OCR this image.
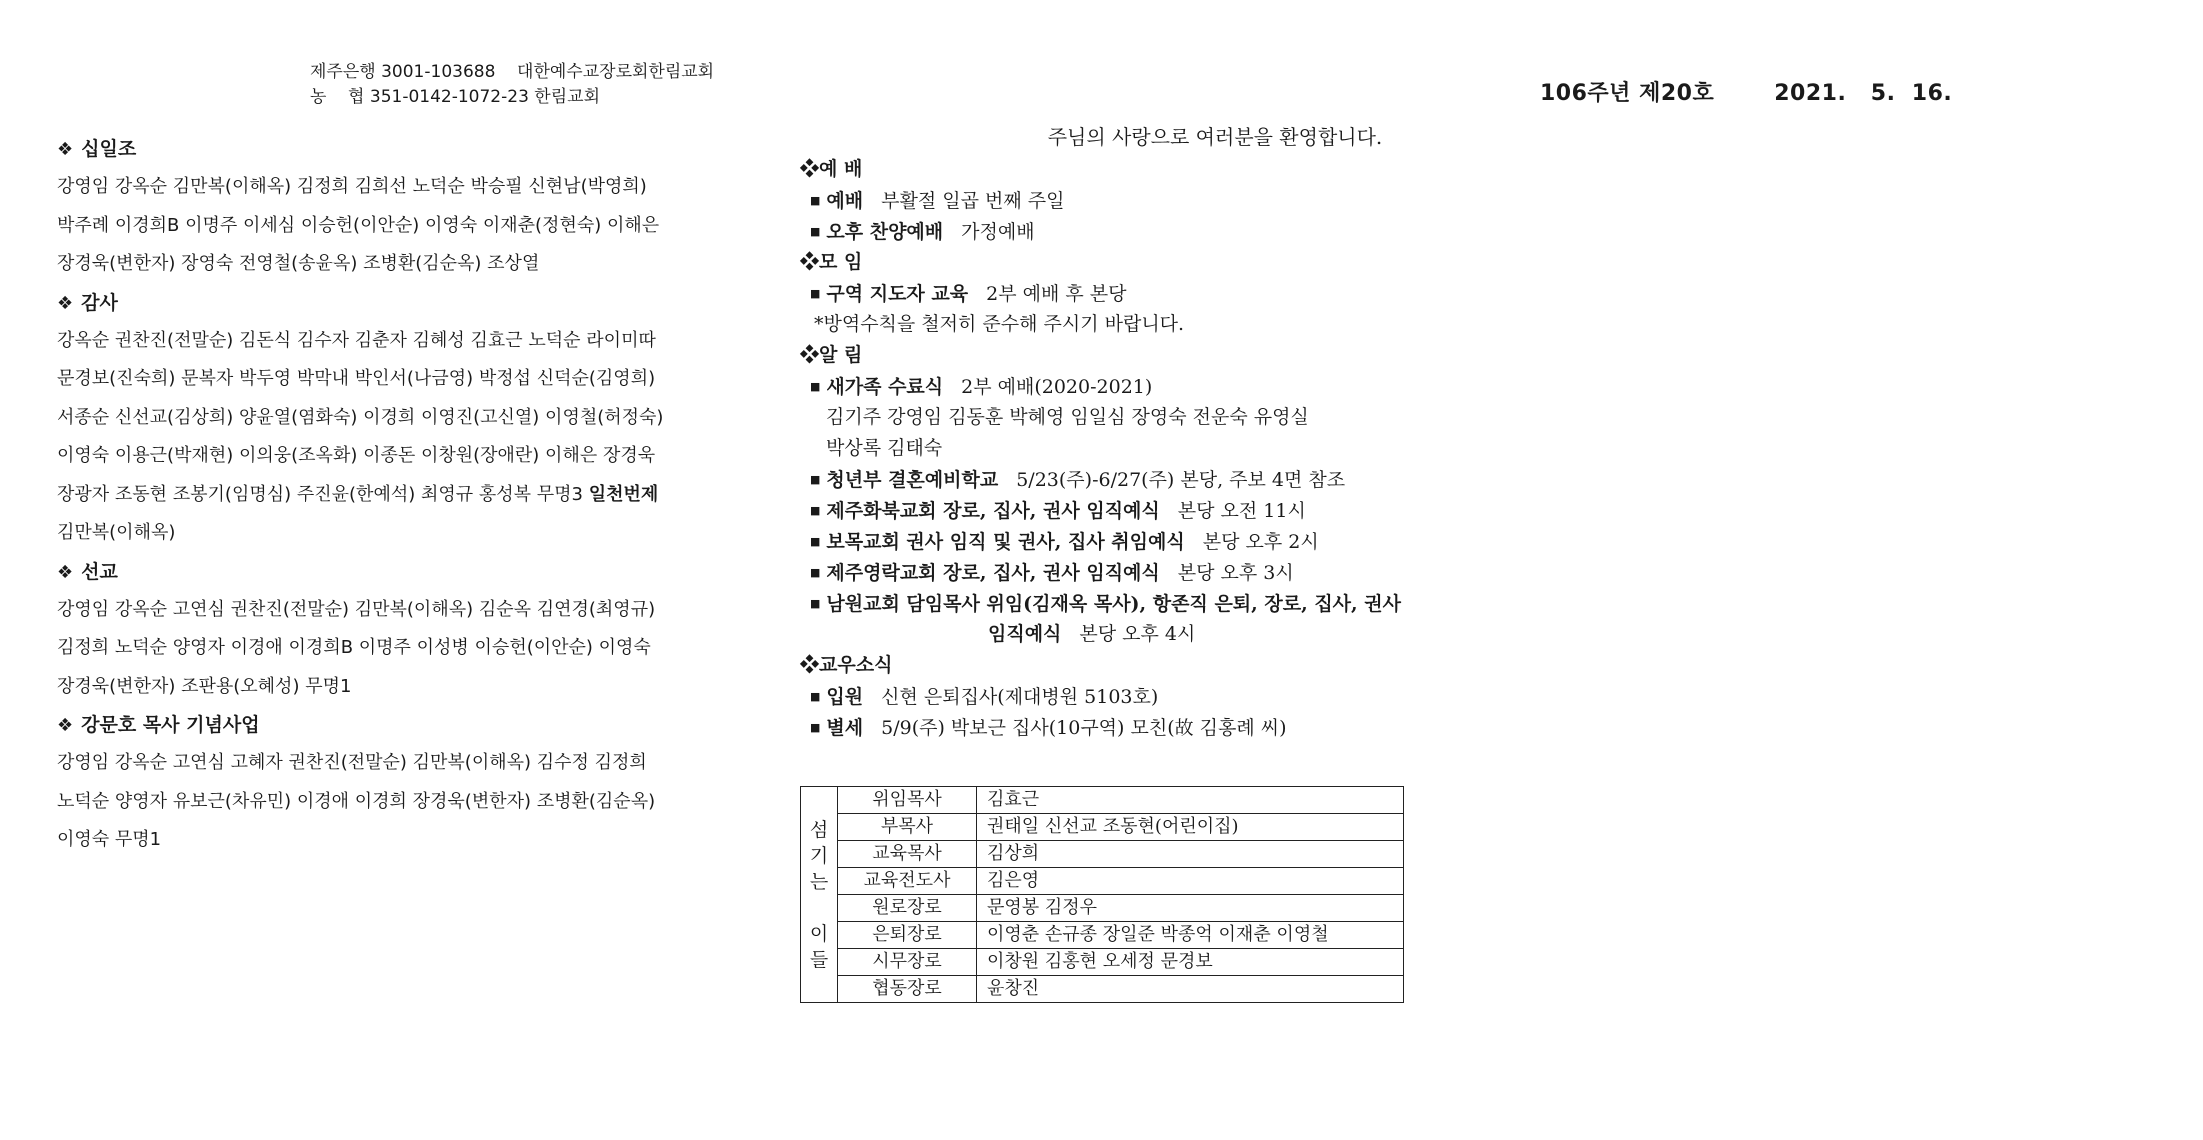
제주은행 3001-103688 대한예수교장로회한림교회
농    협 351-0142-1072-23 한림교회	106주년 제20호	2021.   5.  16.
❖ 십일조

강영임 강옥순 김만복(이해옥) 김정희 김희선 노덕순 박승필 신현남(박영희)

박주례 이경희B 이명주 이세심 이승헌(이안순) 이영숙 이재춘(정현숙) 이해은

장경욱(변한자) 장영숙 전영철(송윤옥) 조병환(김순옥) 조상열

❖ 감사

강옥순 권찬진(전말순) 김돈식 김수자 김춘자 김혜성 김효근 노덕순 라이미따

문경보(진숙희) 문복자 박두영 박막내 박인서(나금영) 박정섭 신덕순(김영희)

서종순 신선교(김상희) 양윤열(염화숙) 이경희 이영진(고신열) 이영철(허정숙)

이영숙 이용근(박재현) 이의웅(조옥화) 이종돈 이창원(장애란) 이해은 장경욱

장광자 조동현 조봉기(임명심) 주진윤(한예석) 최영규 홍성복 무명3 일천번제

김만복(이해옥)

❖ 선교

강영임 강옥순 고연심 권찬진(전말순) 김만복(이해옥) 김순옥 김연경(최영규)

김정희 노덕순 양영자 이경애 이경희B 이명주 이성병 이승헌(이안순) 이영숙

장경욱(변한자) 조판용(오혜성) 무명1

❖ 강문호 목사 기념사업

강영임 강옥순 고연심 고혜자 권찬진(전말순) 김만복(이해옥) 김수정 김정희

노덕순 양영자 유보근(차유민) 이경애 이경희 장경욱(변한자) 조병환(김순옥)

이영숙 무명1

주님의 사랑으로 여러분을 환영합니다.
❖예 배
■ 예배 부활절 일곱 번째 주일
■ 오후 찬양예배 가정예배
❖모 임
■ 구역 지도자 교육 2부 예배 후 본당
*방역수칙을 철저히 준수해 주시기 바랍니다.
❖알 림
■ 새가족 수료식 2부 예배(2020-2021)
김기주 강영임 김동훈 박혜영 임일심 장영숙 전운숙 유영실
박상록 김태숙
■ 청년부 결혼예비학교 5/23(주)-6/27(주) 본당, 주보 4면 참조
■ 제주화북교회 장로, 집사, 권사 임직예식 본당 오전 11시
■ 보목교회 권사 임직 및 권사, 집사 취임예식 본당 오후 2시
■ 제주영락교회 장로, 집사, 권사 임직예식 본당 오후 3시
■ 남원교회 담임목사 위임(김재옥 목사), 항존직 은퇴, 장로, 집사, 권사
임직예식 본당 오후 4시
❖교우소식
■ 입원 신현 은퇴집사(제대병원 5103호)
■ 별세 5/9(주) 박보근 집사(10구역) 모친(故 김홍례 씨)
섬
기
는

이
들	위임목사	김효근
	부목사	권태일 신선교 조동현(어린이집)
	교육목사	김상희
	교육전도사	김은영
	원로장로	문영봉 김정우
	은퇴장로	이영춘 손규종 장일준 박종억 이재춘 이영철
	시무장로	이창원 김홍현 오세정 문경보
	협동장로	윤창진
